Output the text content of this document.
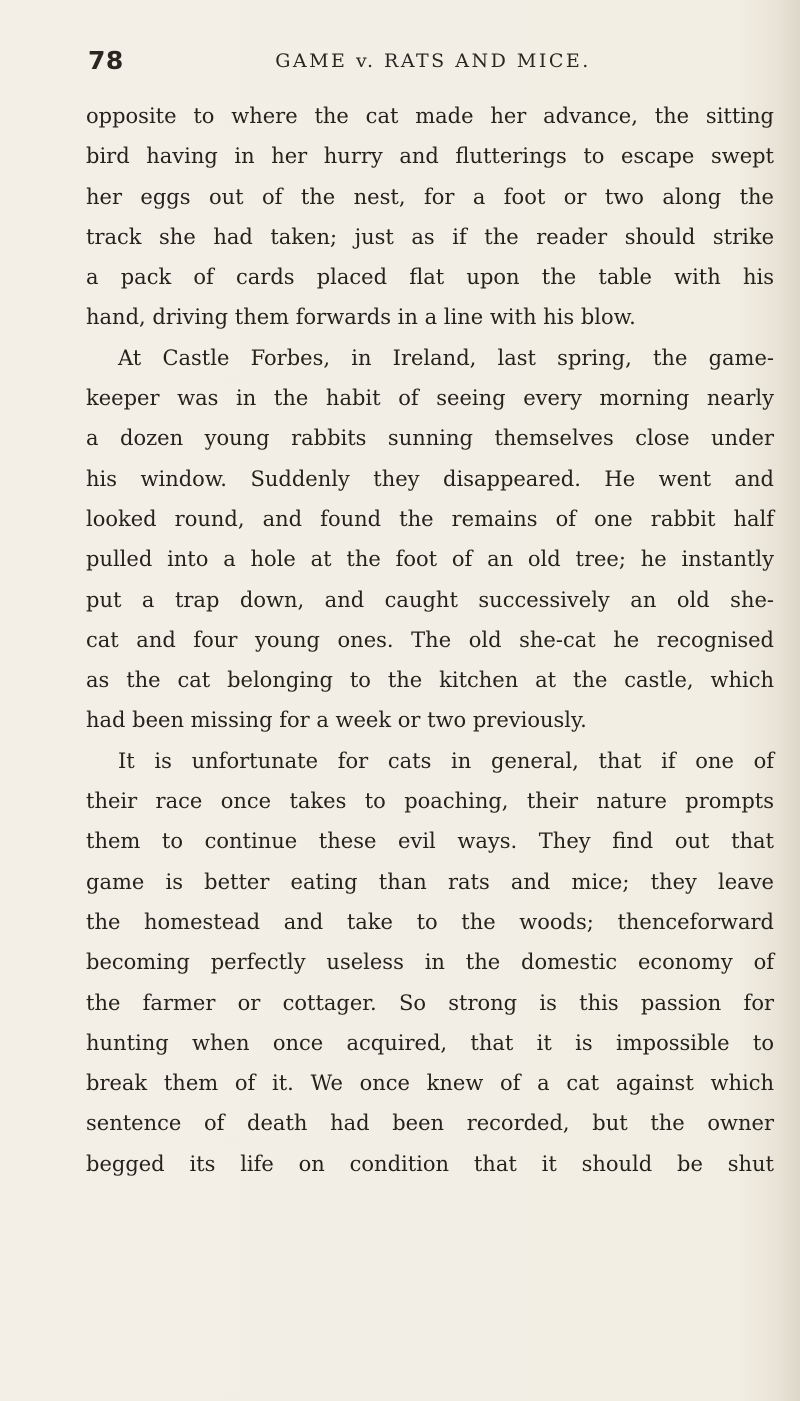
78	GAME v. RATS AND MICE.
opposite to where the cat made her advance, the sitting
bird having in her hurry and flutterings to escape swept
her eggs out of the nest, for a foot or two along the
track she had taken; just as if the reader should strike
a pack of cards placed flat upon the table with his
hand, driving them forwards in a line with his blow.
At Castle Forbes, in Ireland, last spring, the game-
keeper was in the habit of seeing every morning nearly
a dozen young rabbits sunning themselves close under
his window. Suddenly they disappeared. He went and
looked round, and found the remains of one rabbit half
pulled into a hole at the foot of an old tree; he instantly
put a trap down, and caught successively an old she-
cat and four young ones. The old she-cat he recognised
as the cat belonging to the kitchen at the castle, which
had been missing for a week or two previously.
It is unfortunate for cats in general, that if one of
their race once takes to poaching, their nature prompts
them to continue these evil ways. They find out that
game is better eating than rats and mice; they leave
the homestead and take to the woods; thenceforward
becoming perfectly useless in the domestic economy of
the farmer or cottager. So strong is this passion for
hunting when once acquired, that it is impossible to
break them of it. We once knew of a cat against which
sentence of death had been recorded, but the owner
begged its life on condition that it should be shut
